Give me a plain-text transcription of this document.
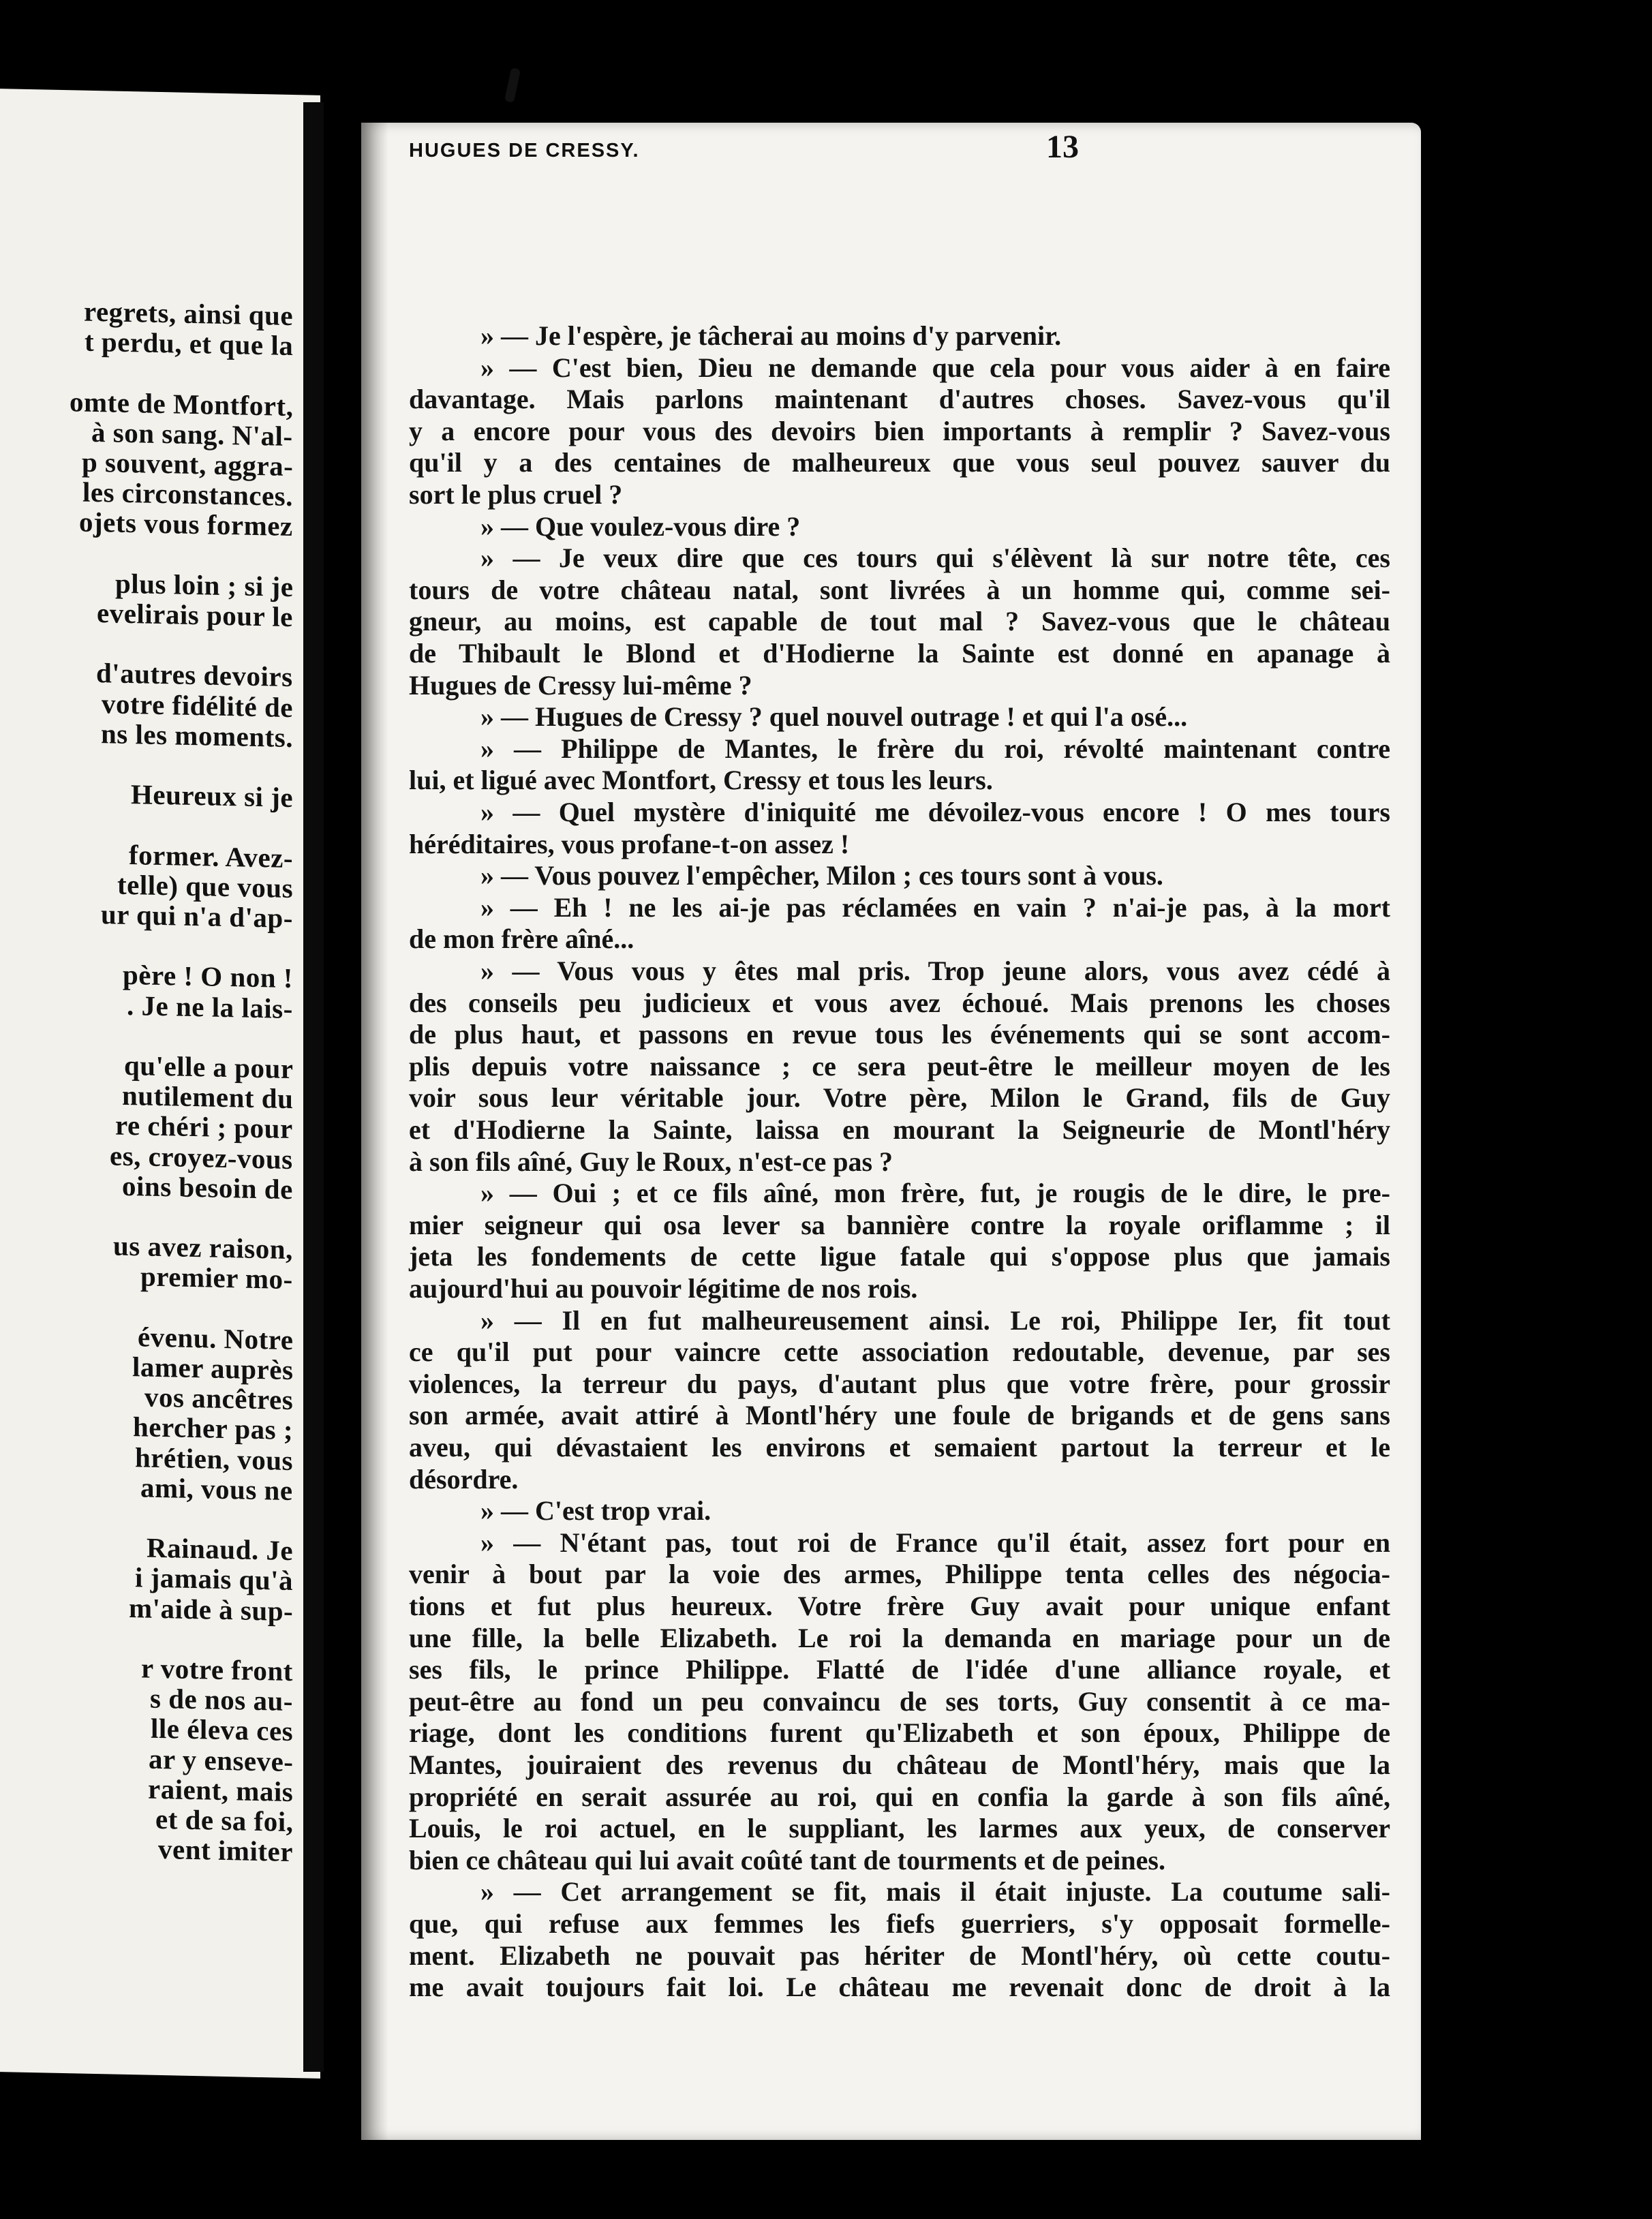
regrets, ainsi que
t perdu, et que la
omte de Montfort,
à son sang. N'al-
p souvent, aggra-
les circonstances.
ojets vous formez
plus loin ; si je
evelirais pour le
d'autres devoirs
votre fidélité de
ns les moments.
Heureux si je
former. Avez-
telle) que vous
ur qui n'a d'ap-
père ! O non !
. Je ne la lais-
qu'elle a pour
nutilement du
re chéri ; pour
es, croyez-vous
oins besoin de
us avez raison,
premier mo-
évenu. Notre
lamer auprès
vos ancêtres
hercher pas ;
hrétien, vous
ami, vous ne
Rainaud. Je
i jamais qu'à
m'aide à sup-
r votre front
s de nos au-
lle éleva ces
ar y enseve-
raient, mais
et de sa foi,
vent imiter
» — Je l'espère, je tâcherai au moins d'y parvenir.
» — C'est bien, Dieu ne demande que cela pour vous aider à en faire
davantage. Mais parlons maintenant d'autres choses. Savez-vous qu'il
y a encore pour vous des devoirs bien importants à remplir ? Savez-vous
qu'il y a des centaines de malheureux que vous seul pouvez sauver du
sort le plus cruel ?
» — Que voulez-vous dire ?
» — Je veux dire que ces tours qui s'élèvent là sur notre tête, ces
tours de votre château natal, sont livrées à un homme qui, comme sei-
gneur, au moins, est capable de tout mal ? Savez-vous que le château
de Thibault le Blond et d'Hodierne la Sainte est donné en apanage à
Hugues de Cressy lui-même ?
» — Hugues de Cressy ? quel nouvel outrage ! et qui l'a osé...
» — Philippe de Mantes, le frère du roi, révolté maintenant contre
lui, et ligué avec Montfort, Cressy et tous les leurs.
» — Quel mystère d'iniquité me dévoilez-vous encore ! O mes tours
héréditaires, vous profane-t-on assez !
» — Vous pouvez l'empêcher, Milon ; ces tours sont à vous.
» — Eh ! ne les ai-je pas réclamées en vain ? n'ai-je pas, à la mort
de mon frère aîné...
» — Vous vous y êtes mal pris. Trop jeune alors, vous avez cédé à
des conseils peu judicieux et vous avez échoué. Mais prenons les choses
de plus haut, et passons en revue tous les événements qui se sont accom-
plis depuis votre naissance ; ce sera peut-être le meilleur moyen de les
voir sous leur véritable jour. Votre père, Milon le Grand, fils de Guy
et d'Hodierne la Sainte, laissa en mourant la Seigneurie de Montl'héry
à son fils aîné, Guy le Roux, n'est-ce pas ?
» — Oui ; et ce fils aîné, mon frère, fut, je rougis de le dire, le pre-
mier seigneur qui osa lever sa bannière contre la royale oriflamme ; il
jeta les fondements de cette ligue fatale qui s'oppose plus que jamais
aujourd'hui au pouvoir légitime de nos rois.
» — Il en fut malheureusement ainsi. Le roi, Philippe Ier, fit tout
ce qu'il put pour vaincre cette association redoutable, devenue, par ses
violences, la terreur du pays, d'autant plus que votre frère, pour grossir
son armée, avait attiré à Montl'héry une foule de brigands et de gens sans
aveu, qui dévastaient les environs et semaient partout la terreur et le
désordre.
» — C'est trop vrai.
» — N'étant pas, tout roi de France qu'il était, assez fort pour en
venir à bout par la voie des armes, Philippe tenta celles des négocia-
tions et fut plus heureux. Votre frère Guy avait pour unique enfant
une fille, la belle Elizabeth. Le roi la demanda en mariage pour un de
ses fils, le prince Philippe. Flatté de l'idée d'une alliance royale, et
peut-être au fond un peu convaincu de ses torts, Guy consentit à ce ma-
riage, dont les conditions furent qu'Elizabeth et son époux, Philippe de
Mantes, jouiraient des revenus du château de Montl'héry, mais que la
propriété en serait assurée au roi, qui en confia la garde à son fils aîné,
Louis, le roi actuel, en le suppliant, les larmes aux yeux, de conserver
bien ce château qui lui avait coûté tant de tourments et de peines.
» — Cet arrangement se fit, mais il était injuste. La coutume sali-
que, qui refuse aux femmes les fiefs guerriers, s'y opposait formelle-
ment. Elizabeth ne pouvait pas hériter de Montl'héry, où cette coutu-
me avait toujours fait loi. Le château me revenait donc de droit à la
HUGUES DE CRESSY.	13
